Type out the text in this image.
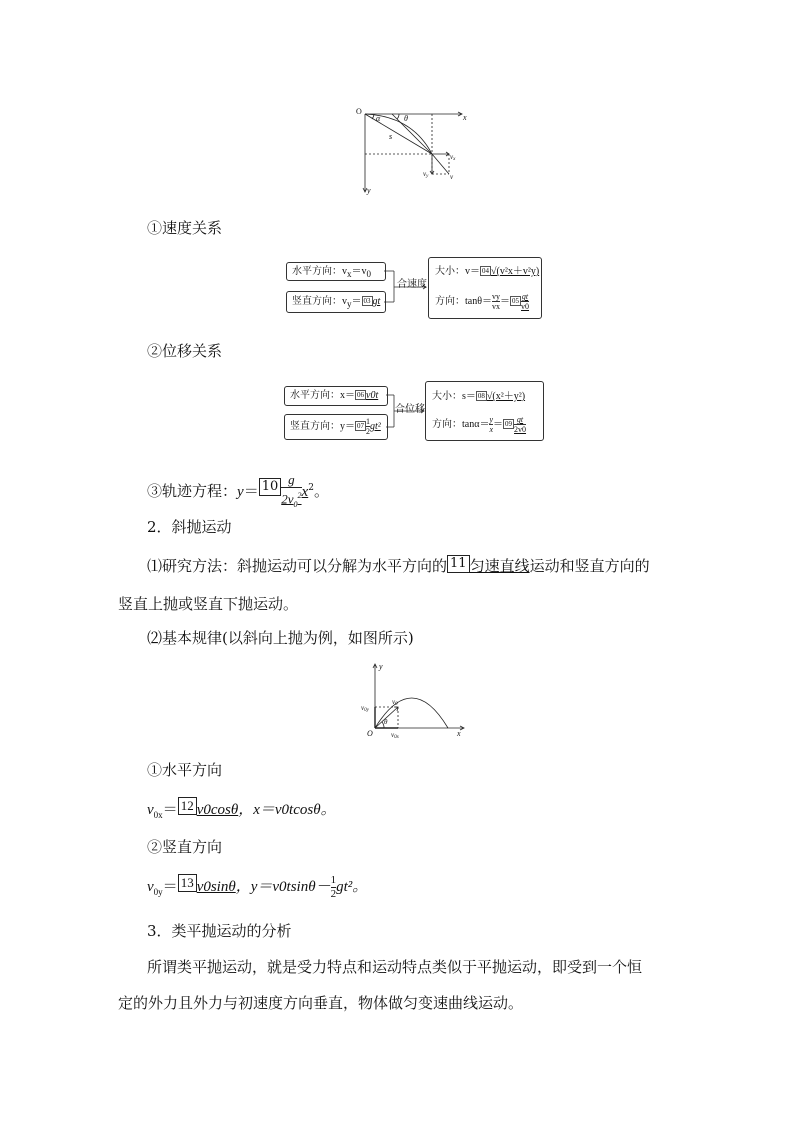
O
x
y
α	θ
s
vx
vy	v
①速度关系
水平方向：$v_x=v_0$
竖直方向：$v_y= 03$ gt
合速度
大小：v＝ 04 √(v²x＋v²y)
方向：$\tan\theta= \frac{vy}{vx} = 05 \frac{gt}{v0}$
②位移关系
水平方向：x＝ 06 v0t
竖直方向：$y= 07 \frac{1}{2} gt^2$
合位移
大小：s＝ 08 √(x²＋y²)
方向：$\tan\alpha= \frac{y}{x} = 09 \frac{gt}{2v0}$
③轨迹方程：$y= 10 \frac{g}{2v_0^2} x^2$。
2．斜抛运动
⑴研究方法：斜抛运动可以分解为水平方向的 11 匀速直线运动和竖直方向的
竖直上抛或竖直下抛运动。
⑵基本规律(以斜向上抛为例，如图所示)
O	x
y
v0
v0y
v0x
θ
①水平方向
$v_{0x}= 12$ v0cosθ，x＝v0tcosθ。
②竖直方向
$v_{0y}= 13$ v0sinθ，$y=v0tsin\theta- \frac{1}{2} gt^2$。
3．类平抛运动的分析
所谓类平抛运动，就是受力特点和运动特点类似于平抛运动，即受到一个恒
定的外力且外力与初速度方向垂直，物体做匀变速曲线运动。
